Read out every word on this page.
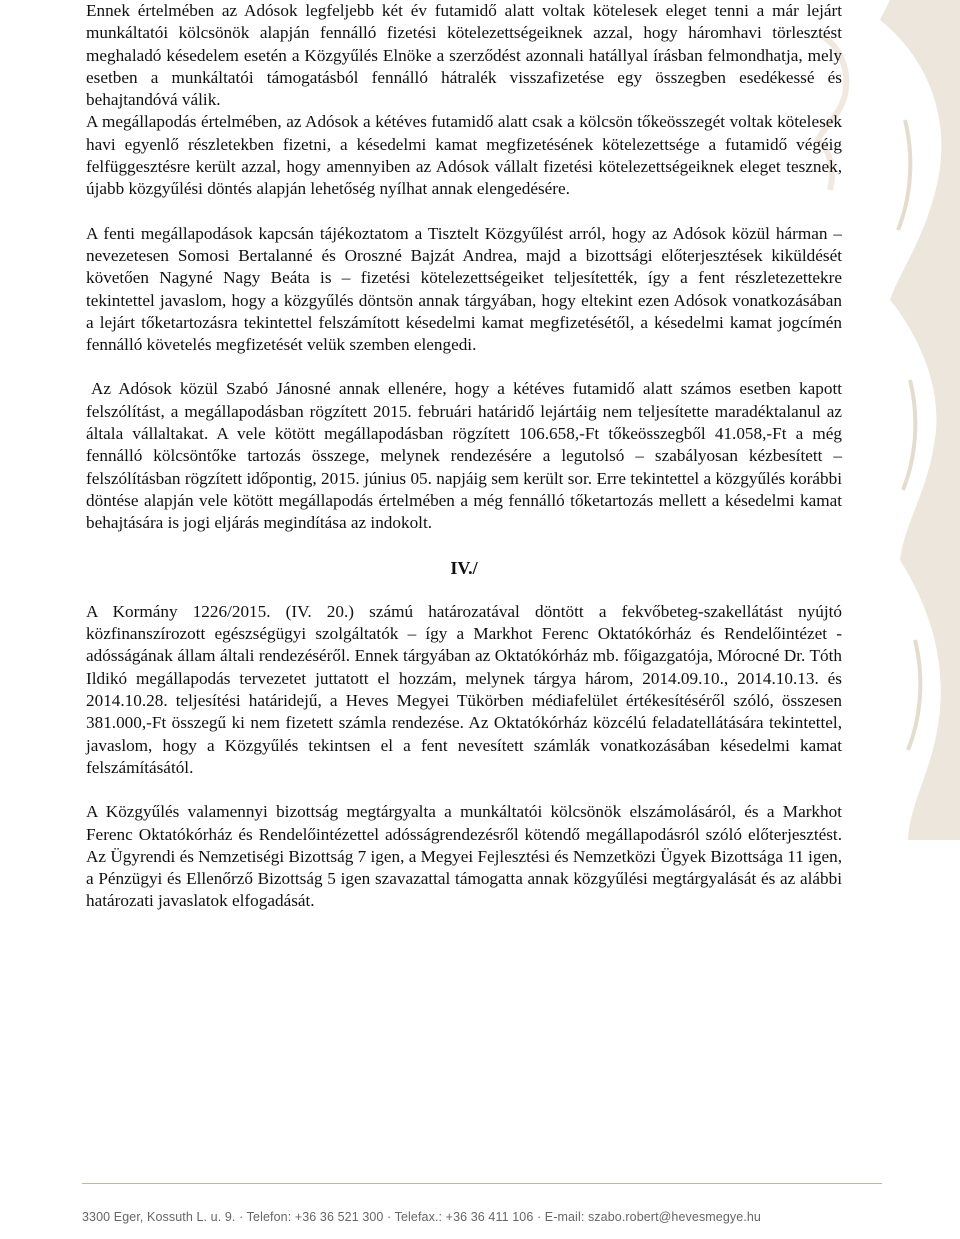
Ennek értelmében az Adósok legfeljebb két év futamidő alatt voltak kötelesek eleget tenni a már lejárt munkáltatói kölcsönök alapján fennálló fizetési kötelezettségeiknek azzal, hogy háromhavi törlesztést meghaladó késedelem esetén a Közgyűlés Elnöke a szerződést azonnali hatállyal írásban felmondhatja, mely esetben a munkáltatói támogatásból fennálló hátralék visszafizetése egy összegben esedékessé és behajtandóvá válik.

A megállapodás értelmében, az Adósok a kétéves futamidő alatt csak a kölcsön tőkeösszegét voltak kötelesek havi egyenlő részletekben fizetni, a késedelmi kamat megfizetésének kötelezettsége a futamidő végéig felfüggesztésre került azzal, hogy amennyiben az Adósok vállalt fizetési kötelezettségeiknek eleget tesznek, újabb közgyűlési döntés alapján lehetőség nyílhat annak elengedésére.

A fenti megállapodások kapcsán tájékoztatom a Tisztelt Közgyűlést arról, hogy az Adósok közül hárman – nevezetesen Somosi Bertalanné és Oroszné Bajzát Andrea, majd a bizottsági előterjesztések kiküldését követően Nagyné Nagy Beáta is – fizetési kötelezettségeiket teljesítették, így a fent részletezettekre tekintettel javaslom, hogy a közgyűlés döntsön annak tárgyában, hogy eltekint ezen Adósok vonatkozásában a lejárt tőketartozásra tekintettel felszámított késedelmi kamat megfizetésétől, a késedelmi kamat jogcímén fennálló követelés megfizetését velük szemben elengedi.

Az Adósok közül Szabó Jánosné annak ellenére, hogy a kétéves futamidő alatt számos esetben kapott felszólítást, a megállapodásban rögzített 2015. februári határidő lejártáig nem teljesítette maradéktalanul az általa vállaltakat. A vele kötött megállapodásban rögzített 106.658,-Ft tőkeösszegből 41.058,-Ft a még fennálló kölcsöntőke tartozás összege, melynek rendezésére a legutolsó – szabályosan kézbesített – felszólításban rögzített időpontig, 2015. június 05. napjáig sem került sor. Erre tekintettel a közgyűlés korábbi döntése alapján vele kötött megállapodás értelmében a még fennálló tőketartozás mellett a késedelmi kamat behajtására is jogi eljárás megindítása az indokolt.

IV./

A Kormány 1226/2015. (IV. 20.) számú határozatával döntött a fekvőbeteg-szakellátást nyújtó közfinanszírozott egészségügyi szolgáltatók – így a Markhot Ferenc Oktatókórház és Rendelőintézet - adósságának állam általi rendezéséről. Ennek tárgyában az Oktatókórház mb. főigazgatója, Mórocné Dr. Tóth Ildikó megállapodás tervezetet juttatott el hozzám, melynek tárgya három, 2014.09.10., 2014.10.13. és 2014.10.28. teljesítési határidejű, a Heves Megyei Tükörben médiafelület értékesítéséről szóló, összesen 381.000,-Ft összegű ki nem fizetett számla rendezése. Az Oktatókórház közcélú feladatellátására tekintettel, javaslom, hogy a Közgyűlés tekintsen el a fent nevesített számlák vonatkozásában késedelmi kamat felszámításától.

A Közgyűlés valamennyi bizottság megtárgyalta a munkáltatói kölcsönök elszámolásáról, és a Markhot Ferenc Oktatókórház és Rendelőintézettel adósságrendezésről kötendő megállapodásról szóló előterjesztést. Az Ügyrendi és Nemzetiségi Bizottság 7 igen, a Megyei Fejlesztési és Nemzetközi Ügyek Bizottsága 11 igen, a Pénzügyi és Ellenőrző Bizottság 5 igen szavazattal támogatta annak közgyűlési megtárgyalását és az alábbi határozati javaslatok elfogadását.

3300 Eger, Kossuth L. u. 9. · Telefon: +36 36 521 300 · Telefax.: +36 36 411 106 · E-mail: szabo.robert@hevesmegye.hu
